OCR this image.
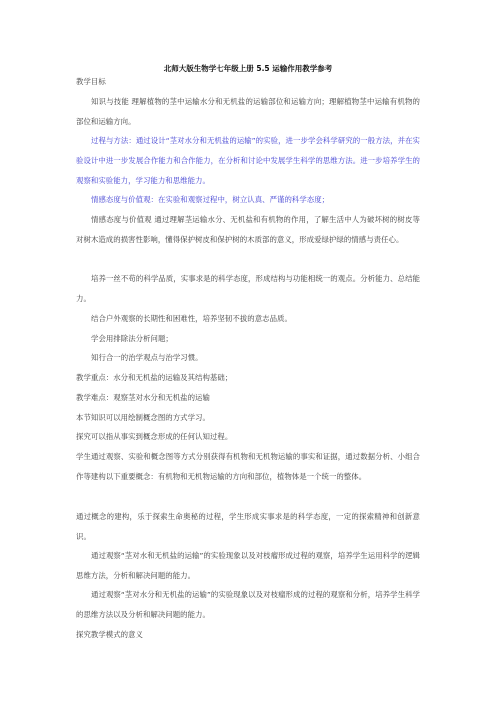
北师大版生物学七年级上册 5.5 运输作用教学参考
教学目标
知识与技能 理解植物的茎中运输水分和无机盐的运输部位和运输方向；理解植物茎中运输有机物的部位和运输方向。
过程与方法：通过设计“茎对水分和无机盐的运输”的实验，进一步学会科学研究的一般方法，并在实验设计中进一步发展合作能力和合作能力，在分析和讨论中发展学生科学的思维方法。进一步培养学生的观察和实验能力，学习能力和思维能力。
情感态度与价值观：在实验和观察过程中，树立认真、严谨的科学态度；
情感态度与价值观 通过理解茎运输水分、无机盐和有机物的作用，了解生活中人为破坏树的树皮等对树木造成的损害性影响，懂得保护树皮和保护树的木质部的意义，形成爱绿护绿的情感与责任心。
培养一丝不苟的科学品质，实事求是的科学态度，形成结构与功能相统一的观点。分析能力、总结能力。
结合户外观察的长期性和困难性，培养坚韧不拔的意志品质。
学会用排除法分析问题；
知行合一的治学观点与治学习惯。
教学重点：水分和无机盐的运输及其结构基础；
教学难点：观察茎对水分和无机盐的运输
本节知识可以用绘制概念图的方式学习。
探究可以指从事实到概念形成的任何认知过程。
学生通过观察、实验和概念图等方式分别获得有机物和无机物运输的事实和证据，通过数据分析、小组合作等建构以下重要概念：有机物和无机物运输的方向和部位，植物体是一个统一的整体。
通过概念的建构，乐于探索生命奥秘的过程，学生形成实事求是的科学态度，一定的探索精神和创新意识。
通过观察“茎对水和无机盐的运输”的实验现象以及对枝瘤形成过程的观察，培养学生运用科学的逻辑思维方法，分析和解决问题的能力。
通过观察“茎对水分和无机盐的运输”的实验现象以及对枝瘤形成的过程的观察和分析，培养学生科学的思维方法以及分析和解决问题的能力。
探究教学模式的意义
